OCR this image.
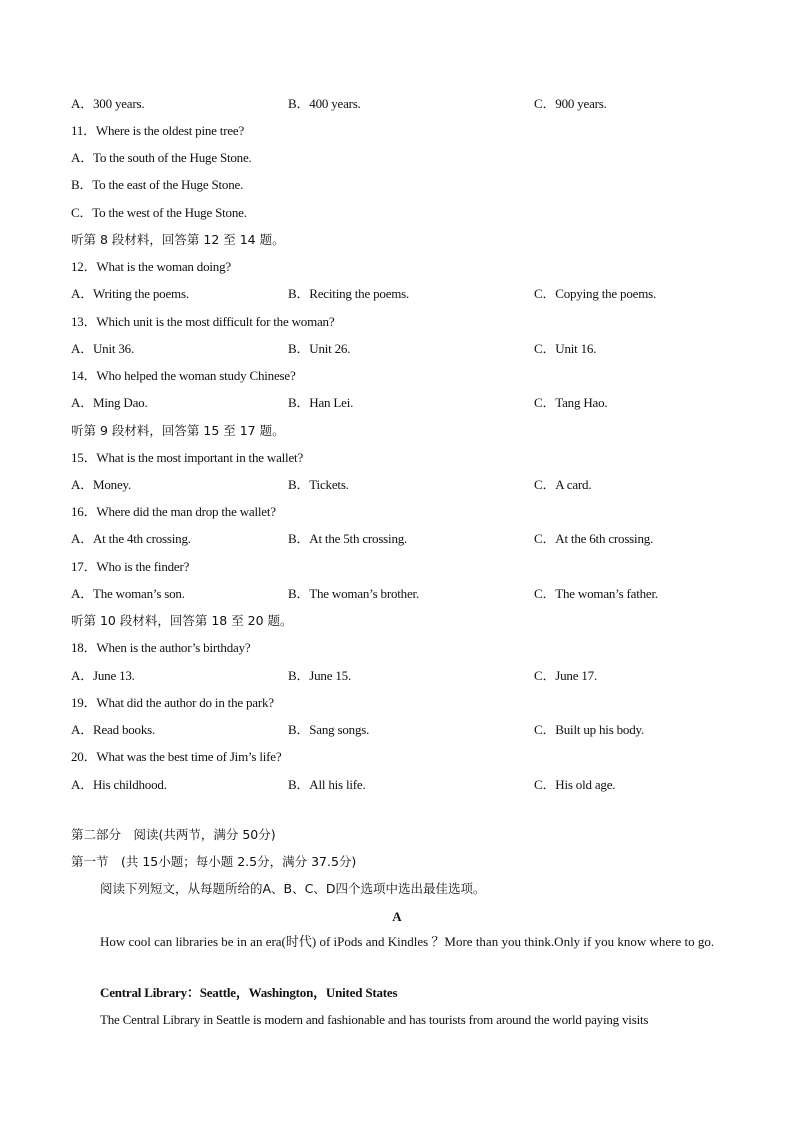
A．300 years.	B．400 years.	C．900 years.
11．Where is the oldest pine tree?
A．To the south of the Huge Stone.
B．To the east of the Huge Stone.
C．To the west of the Huge Stone.
听第 8 段材料，回答第 12 至 14 题。
12．What is the woman doing?
A．Writing the poems.	B．Reciting the poems.	C．Copying the poems.
13．Which unit is the most difficult for the woman?
A．Unit 36.	B．Unit 26.	C．Unit 16.
14．Who helped the woman study Chinese?
A．Ming Dao.	B．Han Lei.	C．Tang Hao.
听第 9 段材料，回答第 15 至 17 题。
15．What is the most important in the wallet?
A．Money.	B．Tickets.	C．A card.
16．Where did the man drop the wallet?
A．At the 4th crossing.	B．At the 5th crossing.	C．At the 6th crossing.
17．Who is the finder?
A．The woman’s son.	B．The woman’s brother.	C．The woman’s father.
听第 10 段材料，回答第 18 至 20 题。
18．When is the author’s birthday?
A．June 13.	B．June 15.	C．June 17.
19．What did the author do in the park?
A．Read books.	B．Sang songs.	C．Built up his body.
20．What was the best time of Jim’s life?
A．His childhood.	B．All his life.	C．His old age.
第二部分　阅读(共两节，满分 50分)
第一节　(共 15小题；每小题 2.5分，满分 37.5分)
阅读下列短文，从每题所给的A、B、C、D四个选项中选出最佳选项。
A
How cool can libraries be in an era(时代) of iPods and Kindles ？More than you think.Only if you know where to go.
Central Library：Seattle，Washington，United States
The Central Library in Seattle is modern and fashionable and has tourists from around the world paying visits
